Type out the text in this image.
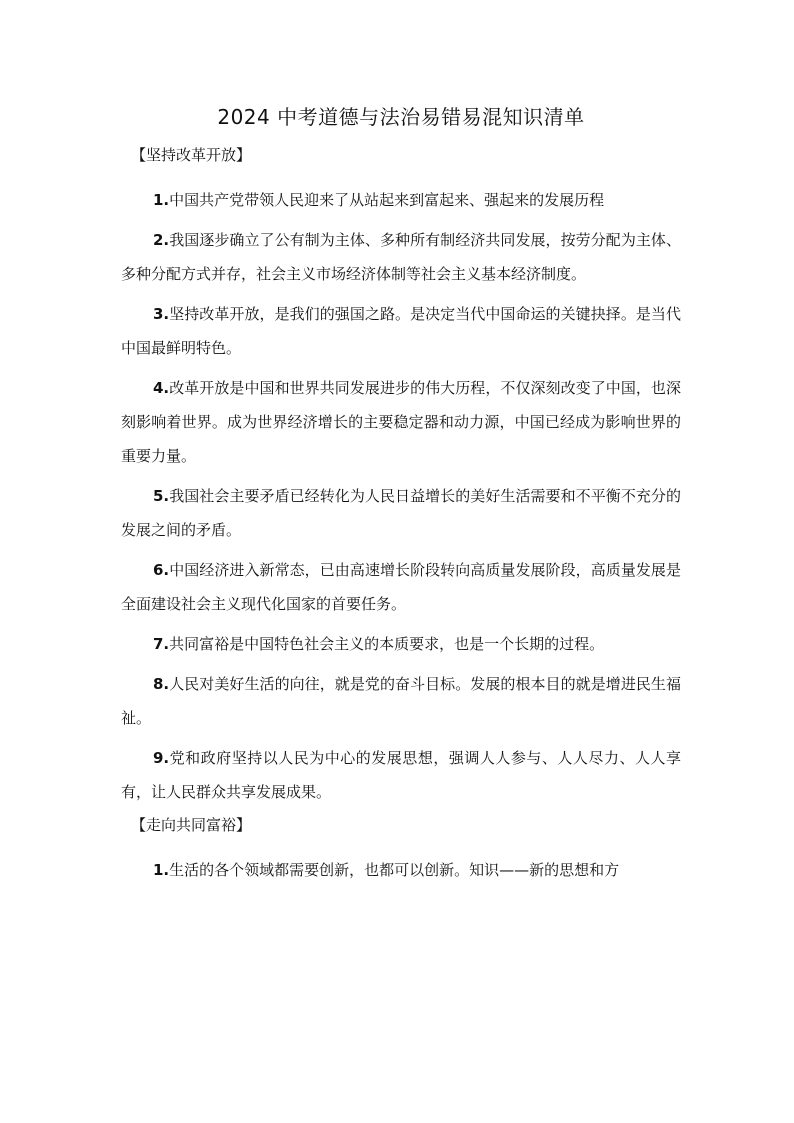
2024 中考道德与法治易错易混知识清单
【坚持改革开放】

1.中国共产党带领人民迎来了从站起来到富起来、强起来的发展历程

2.我国逐步确立了公有制为主体、多种所有制经济共同发展，按劳分配为主体、多种分配方式并存，社会主义市场经济体制等社会主义基本经济制度。

3.坚持改革开放，是我们的强国之路。是决定当代中国命运的关键抉择。是当代中国最鲜明特色。

4.改革开放是中国和世界共同发展进步的伟大历程，不仅深刻改变了中国，也深刻影响着世界。成为世界经济增长的主要稳定器和动力源，中国已经成为影响世界的重要力量。

5.我国社会主要矛盾已经转化为人民日益增长的美好生活需要和不平衡不充分的发展之间的矛盾。

6.中国经济进入新常态，已由高速增长阶段转向高质量发展阶段，高质量发展是全面建设社会主义现代化国家的首要任务。

7.共同富裕是中国特色社会主义的本质要求，也是一个长期的过程。

8.人民对美好生活的向往，就是党的奋斗目标。发展的根本目的就是增进民生福祉。

9.党和政府坚持以人民为中心的发展思想，强调人人参与、人人尽力、人人享有，让人民群众共享发展成果。

【走向共同富裕】

1.生活的各个领域都需要创新，也都可以创新。知识——新的思想和方
